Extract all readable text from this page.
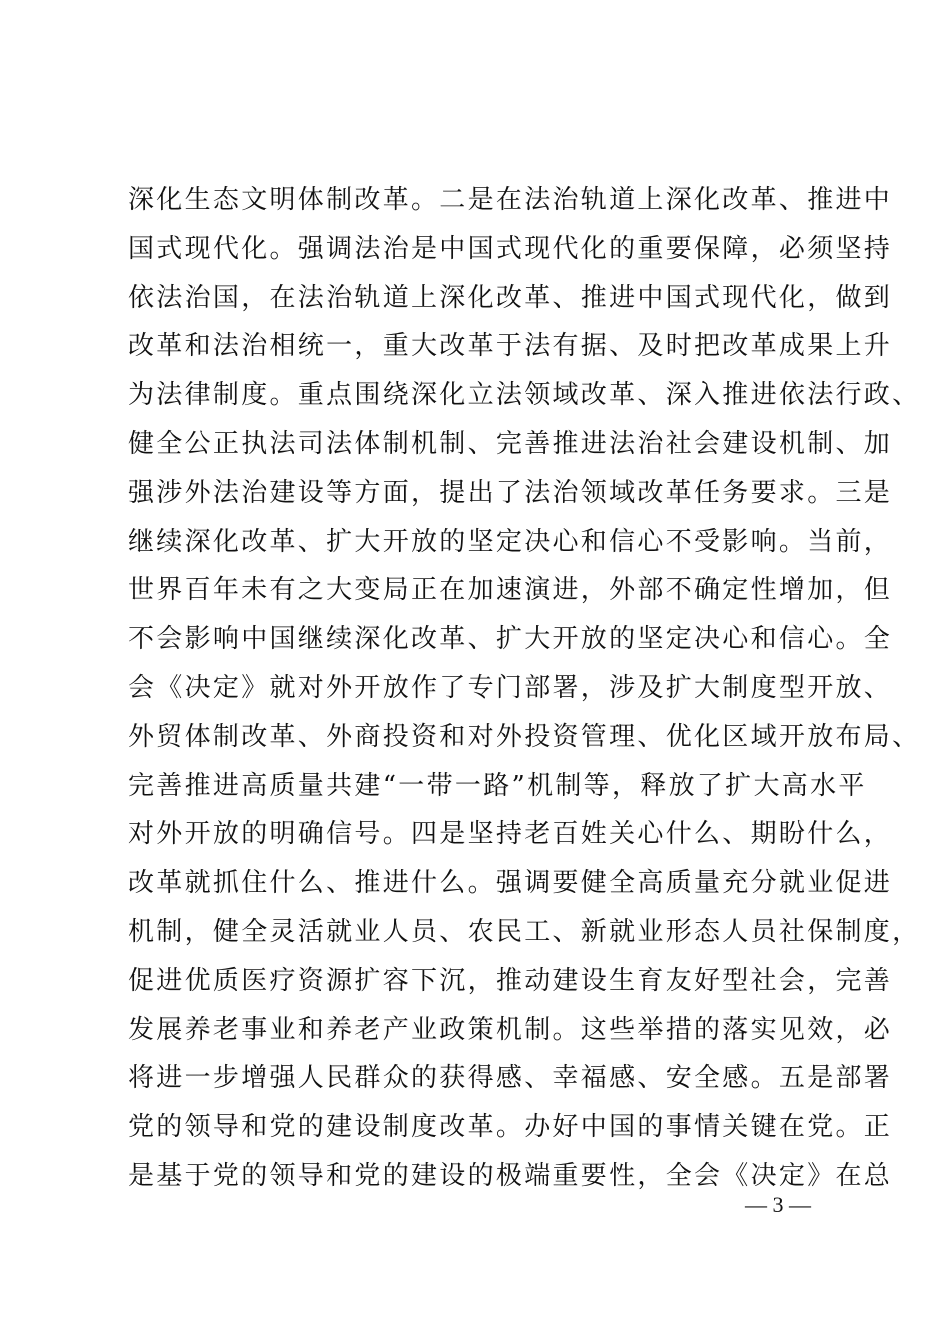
深化生态文明体制改革。二是在法治轨道上深化改革、推进中
国式现代化。强调法治是中国式现代化的重要保障，必须坚持
依法治国，在法治轨道上深化改革、推进中国式现代化，做到
改革和法治相统一，重大改革于法有据、及时把改革成果上升
为法律制度。重点围绕深化立法领域改革、深入推进依法行政、
健全公正执法司法体制机制、完善推进法治社会建设机制、加
强涉外法治建设等方面，提出了法治领域改革任务要求。三是
继续深化改革、扩大开放的坚定决心和信心不受影响。当前，
世界百年未有之大变局正在加速演进，外部不确定性增加，但
不会影响中国继续深化改革、扩大开放的坚定决心和信心。全
会《决定》就对外开放作了专门部署，涉及扩大制度型开放、
外贸体制改革、外商投资和对外投资管理、优化区域开放布局、
完善推进高质量共建“一带一路”机制等，释放了扩大高水平
对外开放的明确信号。四是坚持老百姓关心什么、期盼什么，
改革就抓住什么、推进什么。强调要健全高质量充分就业促进
机制，健全灵活就业人员、农民工、新就业形态人员社保制度，
促进优质医疗资源扩容下沉，推动建设生育友好型社会，完善
发展养老事业和养老产业政策机制。这些举措的落实见效，必
将进一步增强人民群众的获得感、幸福感、安全感。五是部署
党的领导和党的建设制度改革。办好中国的事情关键在党。正
是基于党的领导和党的建设的极端重要性，全会《决定》在总
— 3 —
